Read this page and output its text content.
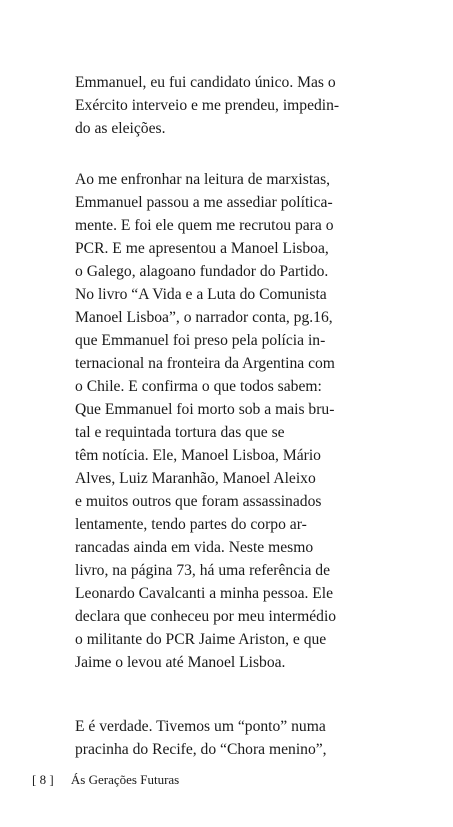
Emmanuel, eu fui candidato único. Mas o
Exército interveio e me prendeu, impedin-
do as eleições.
Ao me enfronhar na leitura de marxistas,
Emmanuel passou a me assediar política-
mente. E foi ele quem me recrutou para o
PCR. E me apresentou a Manoel Lisboa,
o Galego, alagoano fundador do Partido.
No livro “A Vida e a Luta do Comunista
Manoel Lisboa”, o narrador conta, pg.16,
que Emmanuel foi preso pela polícia in-
ternacional na fronteira da Argentina com
o Chile. E confirma o que todos sabem:
Que Emmanuel foi morto sob a mais bru-
tal e requintada tortura das que se
têm notícia. Ele, Manoel Lisboa, Mário
Alves, Luiz Maranhão, Manoel Aleixo
e muitos outros que foram assassinados
lentamente, tendo partes do corpo ar-
rancadas ainda em vida. Neste mesmo
livro, na página 73, há uma referência de
Leonardo Cavalcanti a minha pessoa. Ele
declara que conheceu por meu intermédio
o militante do PCR Jaime Ariston, e que
Jaime o levou até Manoel Lisboa.
E é verdade. Tivemos um “ponto” numa
pracinha do Recife, do “Chora menino”,
[ 8 ] Ás Gerações Futuras
